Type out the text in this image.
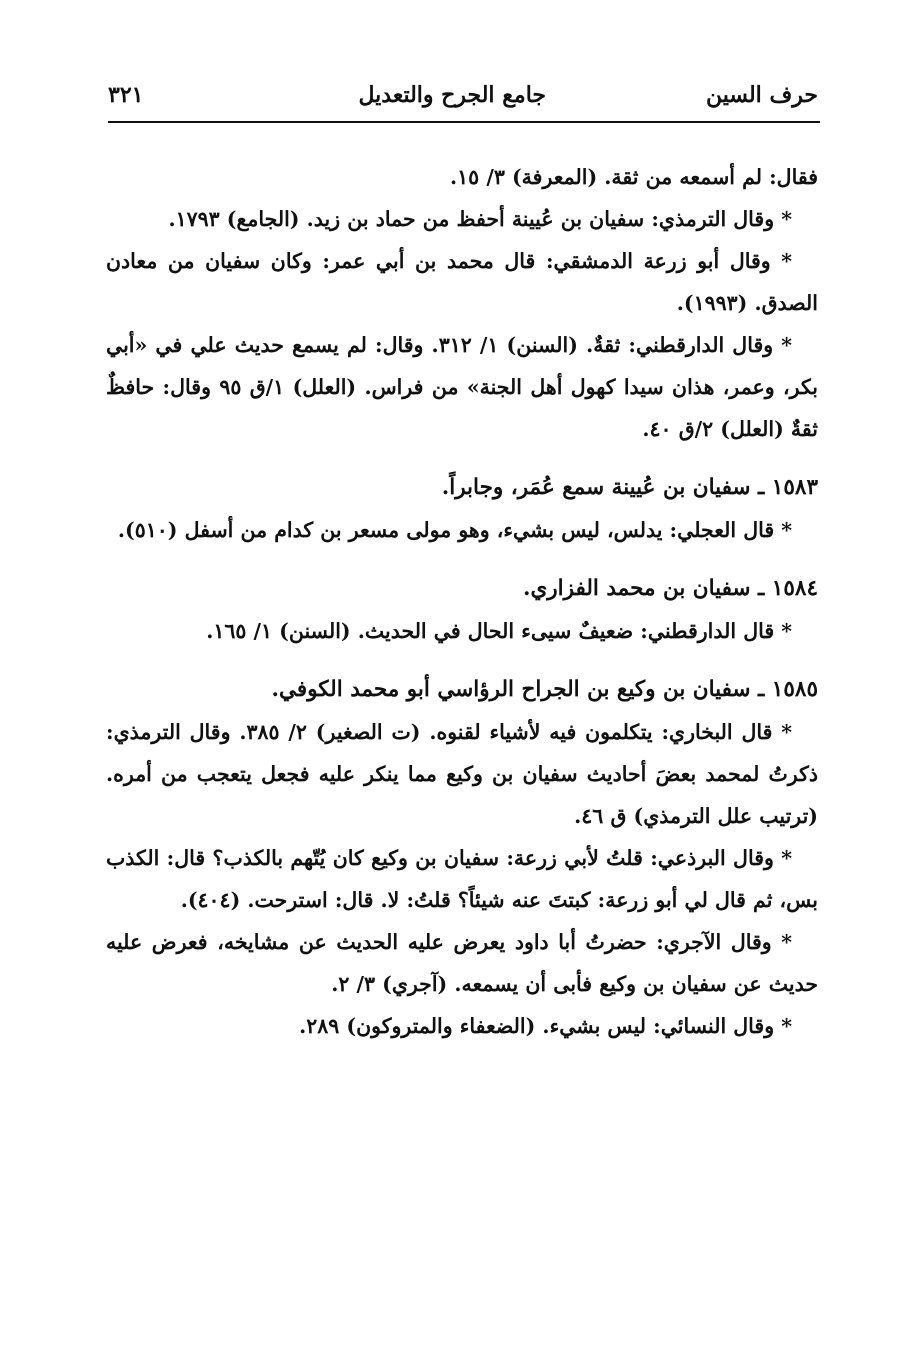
حرف السين
جامع الجرح والتعديل
٣٢١

فقال: لم أسمعه من ثقة. (المعرفة) ٣/ ١٥.

* وقال الترمذي: سفيان بن عُيينة أحفظ من حماد بن زيد. (الجامع) ١٧٩٣.

* وقال أبو زرعة الدمشقي: قال محمد بن أبي عمر: وكان سفيان من معادن الصدق. (١٩٩٣).

* وقال الدارقطني: ثقةٌ. (السنن) ١/ ٣١٢. وقال: لم يسمع حديث علي في «أبي بكر، وعمر، هذان سيدا كهول أهل الجنة» من فراس. (العلل) ١/ق ٩٥ وقال: حافظٌ ثقةٌ (العلل) ٢/ق ٤٠.

١٥٨٣ ـ سفيان بن عُيينة سمع عُمَر، وجابراً.

* قال العجلي: يدلس، ليس بشيء، وهو مولى مسعر بن كدام من أسفل (٥١٠).

١٥٨٤ ـ سفيان بن محمد الفزاري.

* قال الدارقطني: ضعيفٌ سيىء الحال في الحديث. (السنن) ١/ ١٦٥.

١٥٨٥ ـ سفيان بن وكيع بن الجراح الرؤاسي أبو محمد الكوفي.

* قال البخاري: يتكلمون فيه لأشياء لقنوه. (ت الصغير) ٢/ ٣٨٥. وقال الترمذي: ذكرتُ لمحمد بعضَ أحاديث سفيان بن وكيع مما ينكر عليه فجعل يتعجب من أمره. (ترتيب علل الترمذي) ق ٤٦.

* وقال البرذعي: قلتُ لأبي زرعة: سفيان بن وكيع كان يُتّهم بالكذب؟ قال: الكذب بس، ثم قال لي أبو زرعة: كبتتَ عنه شيئاً؟ قلتُ: لا. قال: استرحت. (٤٠٤).

* وقال الآجري: حضرتُ أبا داود يعرض عليه الحديث عن مشايخه، فعرض عليه حديث عن سفيان بن وكيع فأبى أن يسمعه. (آجري) ٣/ ٢.

* وقال النسائي: ليس بشيء. (الضعفاء والمتروكون) ٢٨٩.
